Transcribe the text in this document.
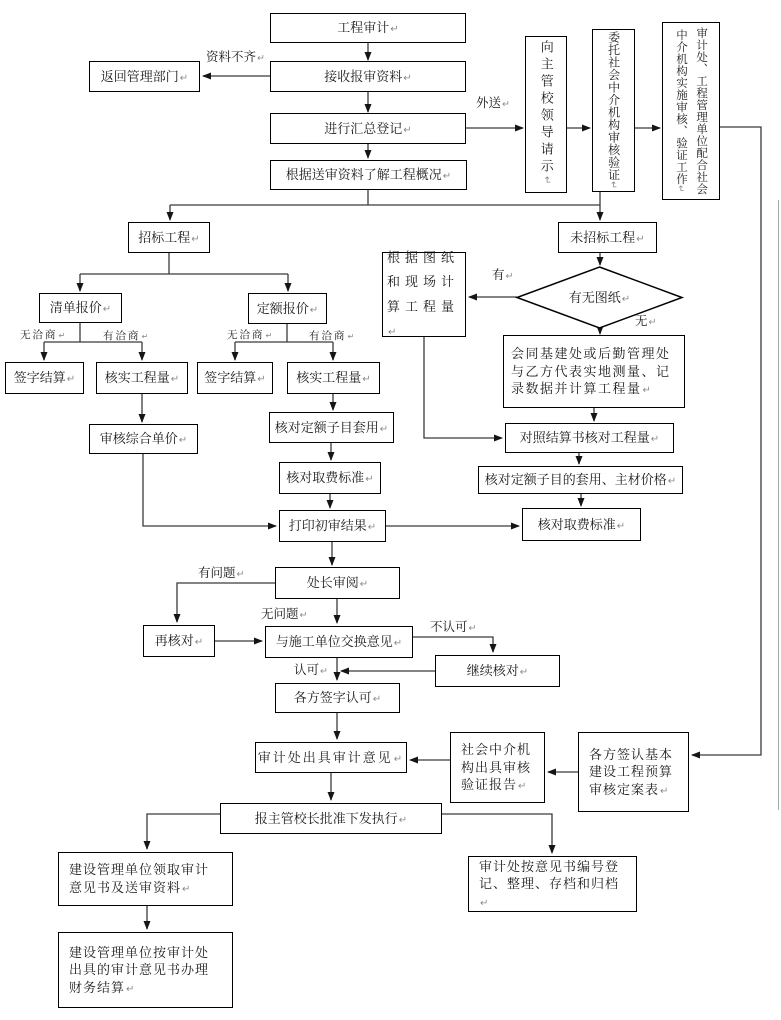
工程审计 ↵
返回管理部门 ↵	接收报审资料 ↵
进行汇总登记 ↵
根据送审资料了解工程概况 ↵	向主管校领导请示 ↵	委托社会中介机构审核验证 ↵	审计处、工程管理单位配合社会中介机构实施审核、验证工作 ↵
招标工程 ↵	未招标工程 ↵
清单报价 ↵	定额报价 ↵
签字结算 ↵	核实工程量 ↵	签字结算 ↵	核实工程量 ↵
审核综合单价 ↵
核对定额子目套用 ↵
核对取费标准 ↵
打印初审结果 ↵
根据图纸和现场计算工程量 ↵
有无图纸 ↵
会同基建处或后勤管理处与乙方代表实地测量、记录数据并计算工程量 ↵
对照结算书核对工程量 ↵
核对定额子目的套用、主材价格 ↵
核对取费标准 ↵
处长审阅 ↵
再核对 ↵	与施工单位交换意见 ↵
继续核对 ↵
各方签字认可 ↵
审计处出具审计意见 ↵
社会中介机构出具审核验证报告 ↵
各方签认基本建设工程预算审核定案表 ↵
报主管校长批准下发执行 ↵
建设管理单位领取审计意见书及送审资料 ↵
建设管理单位按审计处出具的审计意见书办理财务结算 ↵
审计处按意见书编号登记、整理、存档和归档 ↵
资料不齐 ↵
外送 ↵
有 ↵
无 ↵
无洽商 ↵	有洽商 ↵	无洽商 ↵	有洽商 ↵
有问题 ↵
无问题 ↵
不认可 ↵
认可 ↵
